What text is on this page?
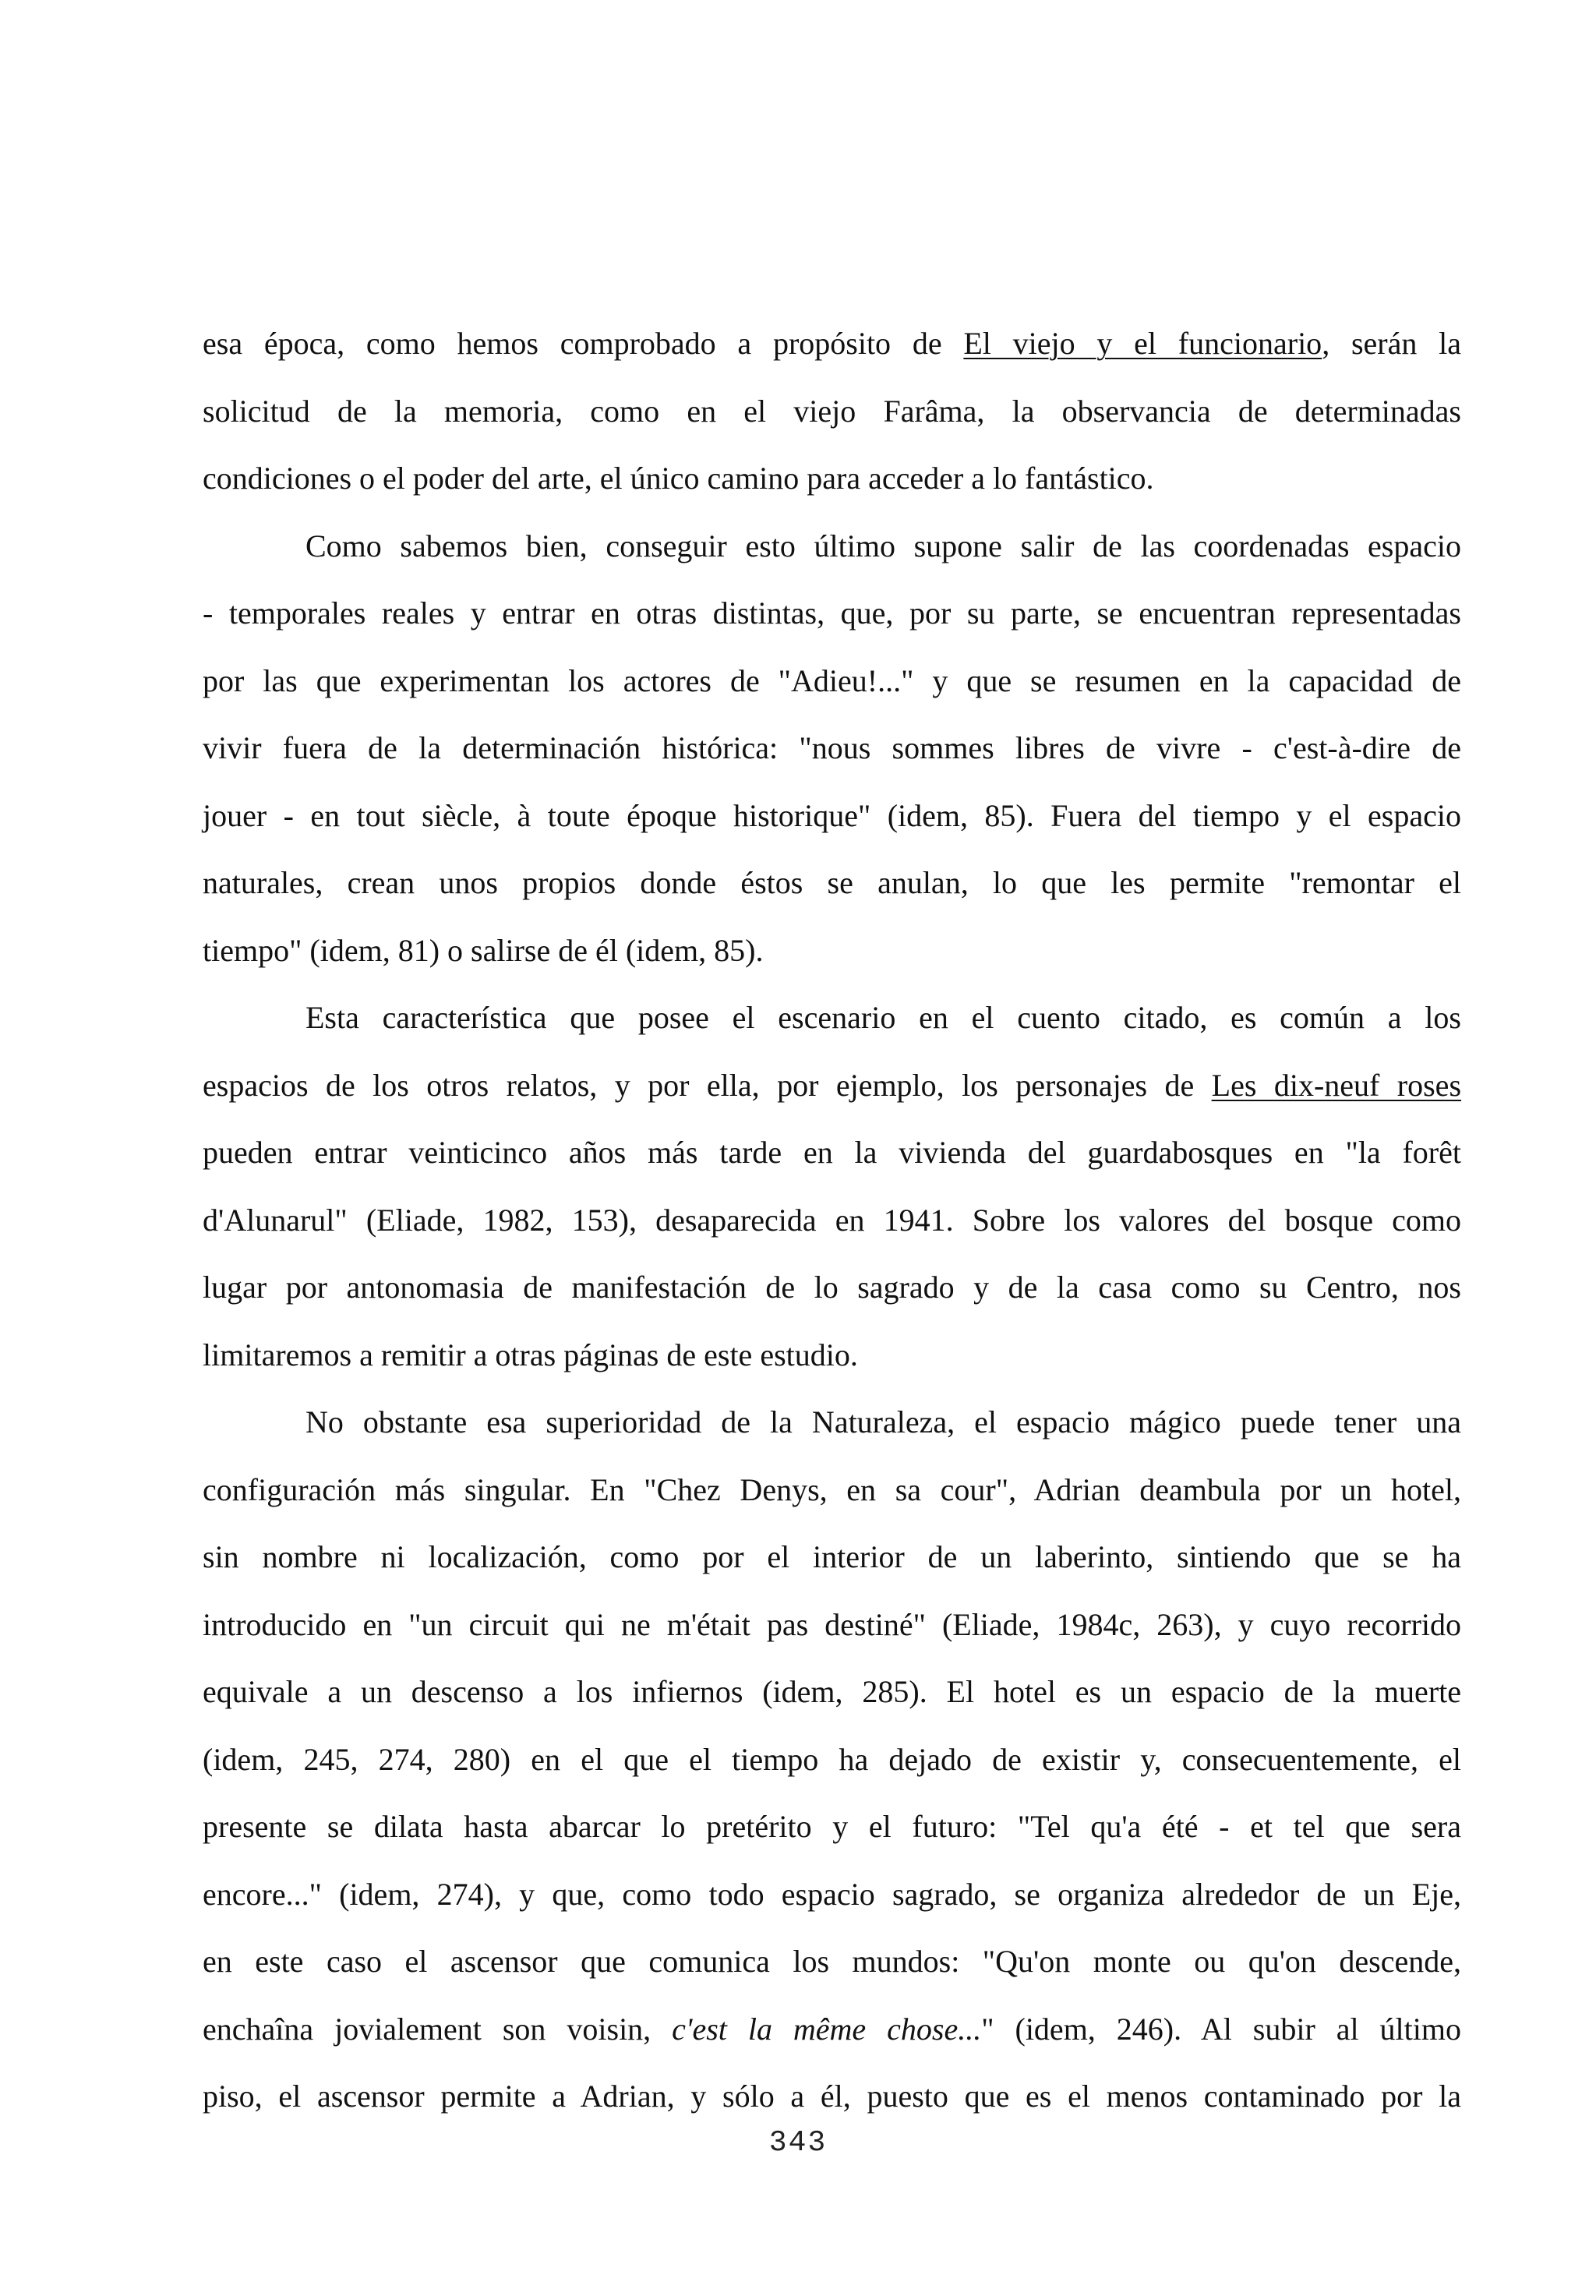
esa época, como hemos comprobado a propósito de El viejo y el funcionario, serán la
solicitud de la memoria, como en el viejo Farâma, la observancia de determinadas
condiciones o el poder del arte, el único camino para acceder a lo fantástico.

Como sabemos bien, conseguir esto último supone salir de las coordenadas espacio
- temporales reales y entrar en otras distintas, que, por su parte, se encuentran representadas
por las que experimentan los actores de "Adieu!..." y que se resumen en la capacidad de
vivir fuera de la determinación histórica: "nous sommes libres de vivre - c'est-à-dire de
jouer - en tout siècle, à toute époque historique" (idem, 85). Fuera del tiempo y el espacio
naturales, crean unos propios donde éstos se anulan, lo que les permite "remontar el
tiempo" (idem, 81) o salirse de él (idem, 85).

Esta característica que posee el escenario en el cuento citado, es común a los
espacios de los otros relatos, y por ella, por ejemplo, los personajes de Les dix-neuf roses
pueden entrar veinticinco años más tarde en la vivienda del guardabosques en "la forêt
d'Alunarul" (Eliade, 1982, 153), desaparecida en 1941. Sobre los valores del bosque como
lugar por antonomasia de manifestación de lo sagrado y de la casa como su Centro, nos
limitaremos a remitir a otras páginas de este estudio.

No obstante esa superioridad de la Naturaleza, el espacio mágico puede tener una
configuración más singular. En "Chez Denys, en sa cour", Adrian deambula por un hotel,
sin nombre ni localización, como por el interior de un laberinto, sintiendo que se ha
introducido en "un circuit qui ne m'était pas destiné" (Eliade, 1984c, 263), y cuyo recorrido
equivale a un descenso a los infiernos (idem, 285). El hotel es un espacio de la muerte
(idem, 245, 274, 280) en el que el tiempo ha dejado de existir y, consecuentemente, el
presente se dilata hasta abarcar lo pretérito y el futuro: "Tel qu'a été - et tel que sera
encore..." (idem, 274), y que, como todo espacio sagrado, se organiza alrededor de un Eje,
en este caso el ascensor que comunica los mundos: "Qu'on monte ou qu'on descende,
enchaîna jovialement son voisin, c'est la même chose..." (idem, 246). Al subir al último
piso, el ascensor permite a Adrian, y sólo a él, puesto que es el menos contaminado por la

343
